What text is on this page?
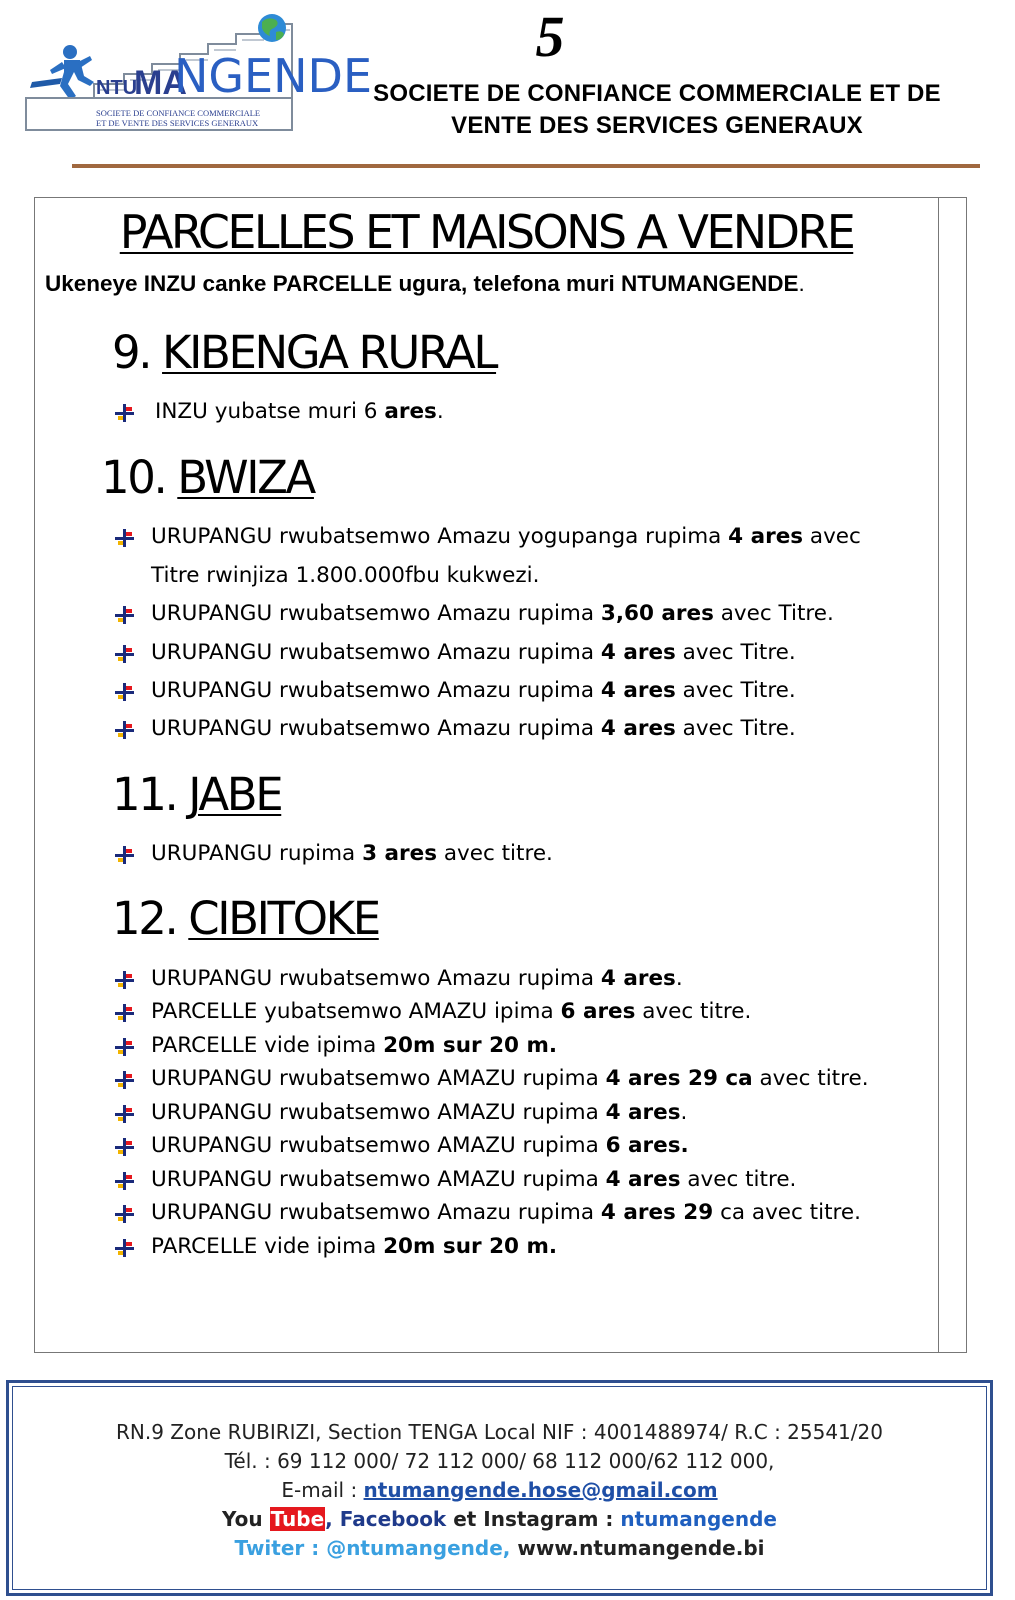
NTU
MA
NGENDE
SOCIETE DE CONFIANCE COMMERCIALE
ET DE VENTE DES SERVICES GENERAUX
5
SOCIETE DE CONFIANCE COMMERCIALE ET DE
VENTE DES SERVICES GENERAUX
PARCELLES ET MAISONS A VENDRE
Ukeneye INZU canke PARCELLE ugura, telefona muri NTUMANGENDE.
9. KIBENGA RURAL
INZU yubatse muri 6 ares.
10. BWIZA
URUPANGU rwubatsemwo Amazu yogupanga rupima 4 ares avec
Titre rwinjiza 1.800.000fbu kukwezi.
URUPANGU rwubatsemwo Amazu rupima 3,60 ares avec Titre.
URUPANGU rwubatsemwo Amazu rupima 4 ares avec Titre.
URUPANGU rwubatsemwo Amazu rupima 4 ares avec Titre.
URUPANGU rwubatsemwo Amazu rupima 4 ares avec Titre.
11. JABE
URUPANGU rupima 3 ares avec titre.
12. CIBITOKE
URUPANGU rwubatsemwo Amazu rupima 4 ares.
PARCELLE yubatsemwo AMAZU ipima 6 ares avec titre.
PARCELLE vide ipima 20m sur 20 m.
URUPANGU rwubatsemwo AMAZU rupima 4 ares 29 ca avec titre.
URUPANGU rwubatsemwo AMAZU rupima 4 ares.
URUPANGU rwubatsemwo AMAZU rupima 6 ares.
URUPANGU rwubatsemwo AMAZU rupima 4 ares avec titre.
URUPANGU rwubatsemwo Amazu rupima 4 ares 29 ca avec titre.
PARCELLE vide ipima 20m sur 20 m.
RN.9 Zone RUBIRIZI, Section TENGA Local NIF : 4001488974/ R.C : 25541/20
Tél. : 69 112 000/ 72 112 000/ 68 112 000/62 112 000,
E-mail : ntumangende.hose@gmail.com
You Tube, Facebook et Instagram : ntumangende
Twiter : @ntumangende, www.ntumangende.bi
